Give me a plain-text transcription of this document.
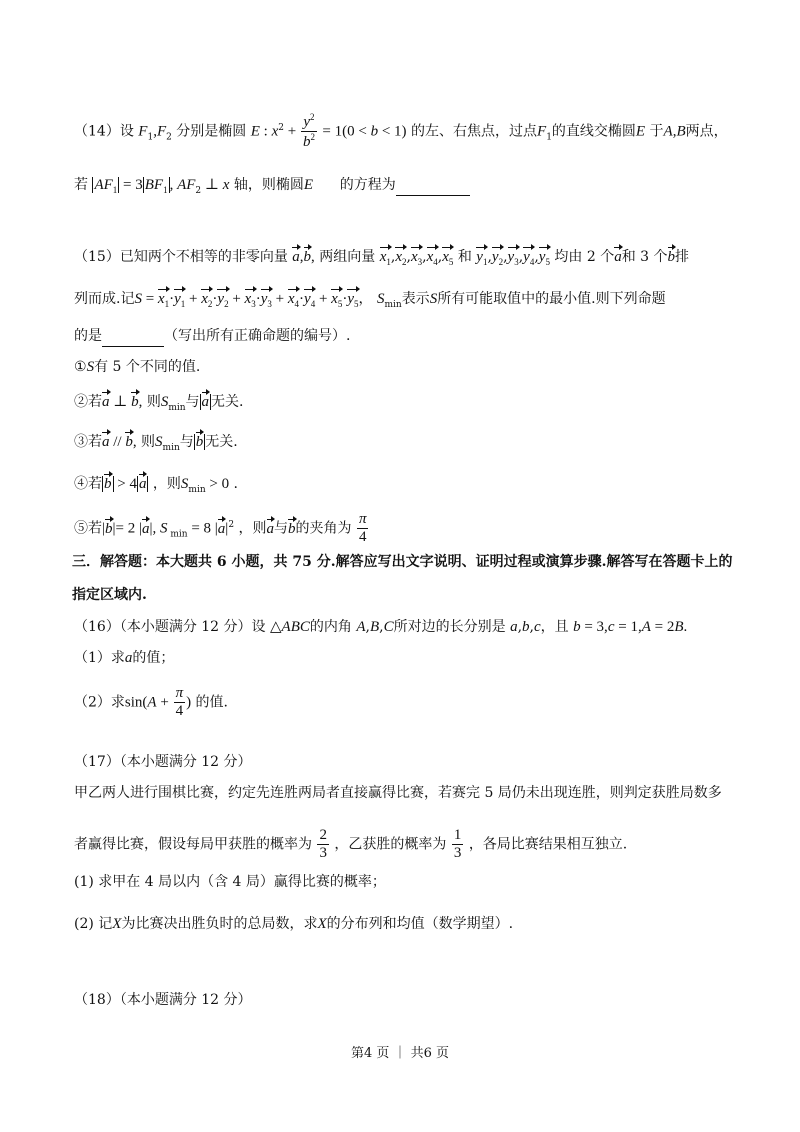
（14）设 $F_1,F_2$ 分别是椭圆 E : $x^2 + \frac{y^2}{b^2} = 1(0 < b < 1)$ 的左、右焦点，过点$F_1$的直线交椭圆E 于A,B两点，
若 $AF_1 = 3$ $BF_1$ , $AF_2$ ⊥ x 轴，则椭圆E 的方程为
（15）已知两个不相等的非零向量 a,b, 两组向量 $x_1,x_2,x_3,x_4,x_5$ 和 $y_1,y_2,y_3,y_4,y_5$ 均由 2 个a和 3 个b排
列而成.记$S = x_1\cdot y_1 + x_2\cdot y_2 + x_3\cdot y_3 + x_4\cdot y_4 + x_5\cdot y_5$， $S_{min}$表示S所有可能取值中的最小值.则下列命题
的是	（写出所有正确命题的编号）.
①S有 5 个不同的值.
②若a ⊥ b, 则$S_{min}$与 a 无关.
③若a // b, 则$S_{min}$与 b 无关.
④若 b > 4 a ，则$S_{min} > 0$ .
⑤若|b|= 2 |a|, S $_{min}$ = 8 $|a|^2$ ，则a与b的夹角为 $\frac{\pi}{4}$
三．解答题：本大题共 6 小题，共 75 分.解答应写出文字说明、证明过程或演算步骤.解答写在答题卡上的
指定区域内.
（16）（本小题满分 12 分）设 △ABC的内角 A,B,C所对边的长分别是 a,b,c，且 b = 3,c = 1,A = 2B.
（1）求a的值；
（2）求$\sin(A + \frac{\pi}{4}$ ) 的值.
（17）（本小题满分 12 分）
甲乙两人进行围棋比赛，约定先连胜两局者直接赢得比赛，若赛完 5 局仍未出现连胜，则判定获胜局数多
者赢得比赛，假设每局甲获胜的概率为 $\frac{2}{3}$ ，乙获胜的概率为 $\frac{1}{3}$ ，各局比赛结果相互独立.
(1) 求甲在 4 局以内（含 4 局）赢得比赛的概率；
(2) 记X为比赛决出胜负时的总局数，求X的分布列和均值（数学期望）.
（18）（本小题满分 12 分）
第4 页 ｜ 共6 页
